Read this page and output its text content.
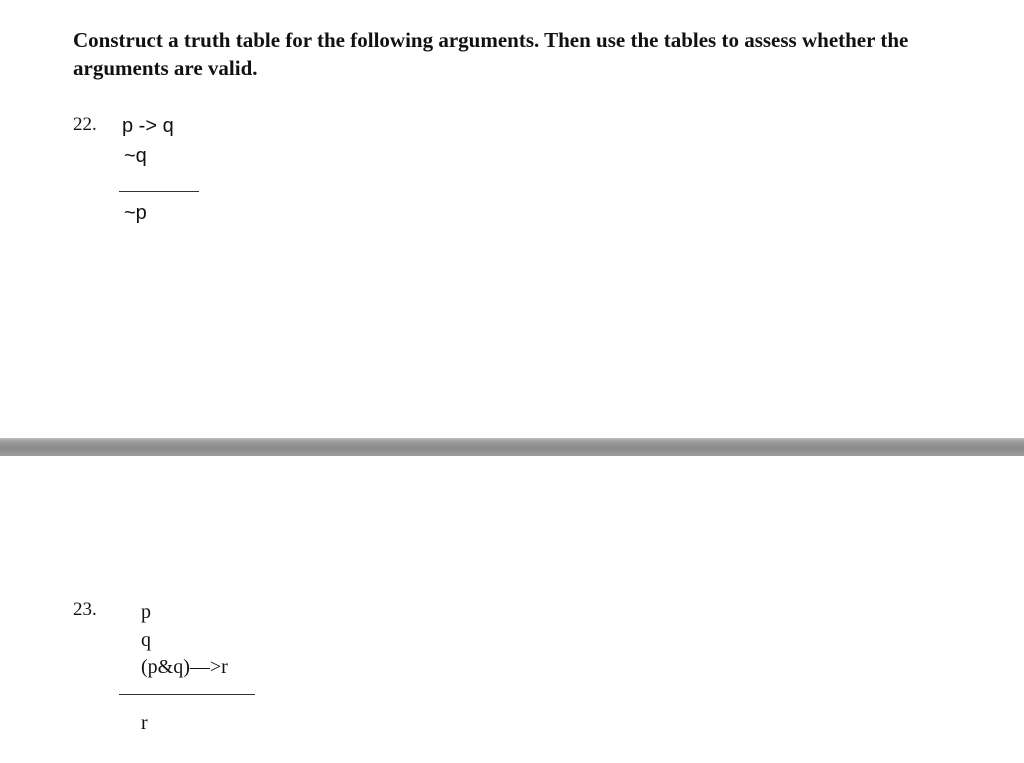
Construct a truth table for the following arguments. Then use the tables to assess whether the arguments are valid.

22. p -> q
~q
~p
23. p
q
(p&q)—>r
r
